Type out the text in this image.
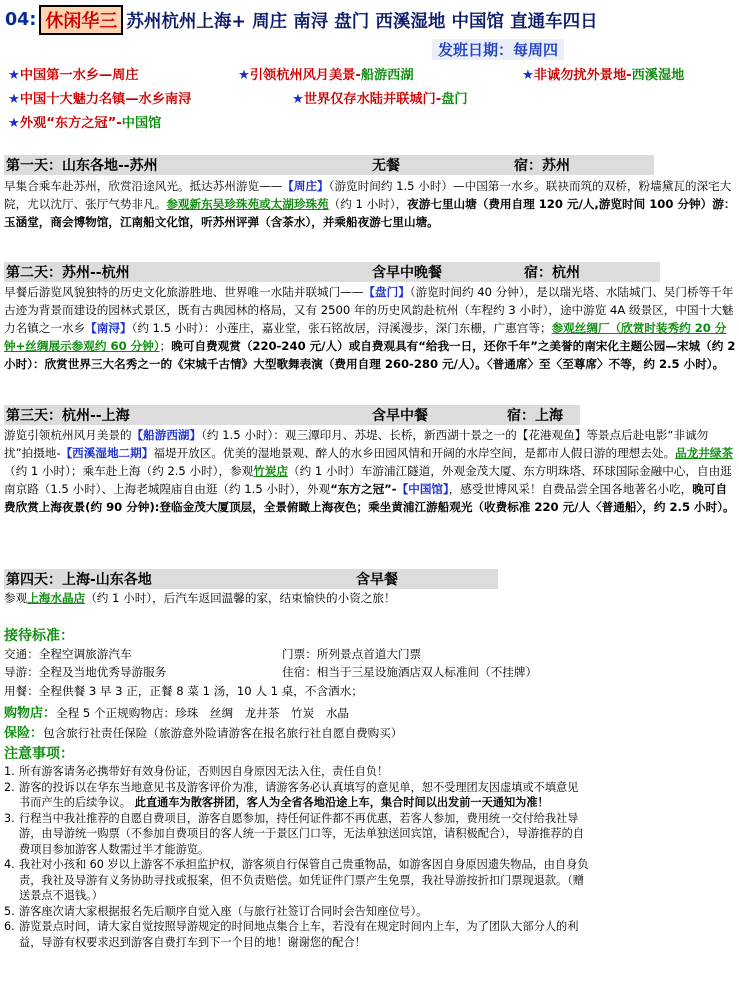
04: 休闲华三 苏州杭州上海+ 周庄 南浔 盘门 西溪湿地 中国馆 直通车四日
发班日期：每周四
★中国第一水乡—周庄	★引领杭州风月美景-船游西湖	★非诚勿扰外景地-西溪湿地
★中国十大魅力名镇—水乡南浔	★世界仅存水陆并联城门-盘门
★外观“东方之冠”-中国馆
第一天：山东各地--苏州	无餐	宿：苏州
早集合乘车赴苏州，欣赏沿途风光。抵达苏州游览——【周庄】（游览时间约 1.5 小时）—中国第一水乡。联袂而筑的双桥，粉墙黛瓦的深宅大院，尤以沈厅、张厅气势非凡。参观新东吴珍珠苑或太湖珍珠苑（约 1 小时），夜游七里山塘（费用自理 120 元/人,游览时间 100 分钟）游：玉涵堂，商会博物馆，江南船文化馆，听苏州评弹（含茶水），并乘船夜游七里山塘。
第二天：苏州--杭州	含早中晚餐	宿：杭州
早餐后游览风貌独特的历史文化旅游胜地、世界唯一水陆并联城门——【盘门】（游览时间约 40 分钟），是以瑞光塔、水陆城门、吴门桥等千年古迹为背景而建设的园林式景区，既有古典园林的格局，又有 2500 年的历史风韵赴杭州（车程约 3 小时），途中游览 4A 级景区，中国十大魅力名镇之一水乡【南浔】（约 1.5 小时）：小莲庄，嘉业堂，张石铭故居，浔溪漫步，深门东栅，广惠宫等；参观丝绸厂（欣赏时装秀约 20 分钟+丝绸展示参观约 60 分钟）；晚可自费观赏（220-240 元/人）或自费观具有“给我一日，还你千年”之美誉的南宋化主题公园—宋城（约 2 小时）：欣赏世界三大名秀之一的《宋城千古情》大型歌舞表演（费用自理 260-280 元/人）。〈普通席〉至〈至尊席〉不等，约 2.5 小时）。
第三天：杭州--上海	含早中餐	宿：上海
游览引领杭州风月美景的【船游西湖】（约 1.5 小时）：观三潭印月、苏堤、长桥，新西湖十景之一的【花港观鱼】等景点后赴电影“非诚勿扰”拍摄地-【西溪湿地二期】福堤开放区。优美的湿地景观、醉人的水乡田园风情和开阔的水岸空间，是都市人假日游的理想去处。品龙井绿茶（约 1 小时）；乘车赴上海（约 2.5 小时），参观竹炭店（约 1 小时）车游浦江隧道，外观金茂大厦、东方明珠塔、环球国际金融中心，自由逛南京路（1.5 小时）、上海老城隍庙自由逛（约 1.5 小时），外观“东方之冠”-【中国馆】，感受世博风采！自费品尝全国各地著名小吃，晚可自费欣赏上海夜景(约 90 分钟):登临金茂大厦顶层，全景俯瞰上海夜色；乘坐黄浦江游船观光（收费标准 220 元/人〈普通船〉，约 2.5 小时）。
第四天：上海-山东各地	含早餐
参观上海水晶店（约 1 小时），后汽车返回温馨的家，结束愉快的小资之旅！
接待标准：
交通：全程空调旅游汽车	门票：所列景点首道大门票
导游：全程及当地优秀导游服务	住宿：相当于三星设施酒店双人标准间（不挂牌）
用餐：全程供餐 3 早 3 正，正餐 8 菜 1 汤，10 人 1 桌，不含酒水；
购物店：全程 5 个正规购物店：珍珠　丝绸　龙井茶　竹炭　水晶
保险：包含旅行社责任保险（旅游意外险请游客在报名旅行社自愿自费购买）
注意事项：
1. 所有游客请务必携带好有效身份证，否则因自身原因无法入住，责任自负！
2. 游客的投诉以在华东当地意见书及游客评价为准，请游客务必认真填写的意见单，恕不受理团友因虚填或不填意见
书而产生的后续争议。 此直通车为散客拼团，客人为全省各地沿途上车，集合时间以出发前一天通知为准！
3. 行程当中我社推荐的自愿自费项目，游客自愿参加，持任何证件都不再优惠，若客人参加，费用统一交付给我社导
游，由导游统一购票（不参加自费项目的客人统一于景区门口等，无法单独送回宾馆，请积极配合），导游推荐的自
费项目参加游客人数需过半才能游览。
4. 我社对小孩和 60 岁以上游客不承担监护权，游客须自行保管自己贵重物品，如游客因自身原因遗失物品，由自身负
责，我社及导游有义务协助寻找或报案，但不负责赔偿。如凭证件门票产生免票，我社导游按折扣门票现退款。（赠
送景点不退钱。）
5. 游客座次请大家根据报名先后顺序自觉入座（与旅行社签订合同时会告知座位号）。
6. 游览景点时间，请大家自觉按照导游规定的时间地点集合上车，若没有在规定时间内上车，为了团队大部分人的利
益，导游有权要求迟到游客自费打车到下一个目的地！谢谢您的配合！
